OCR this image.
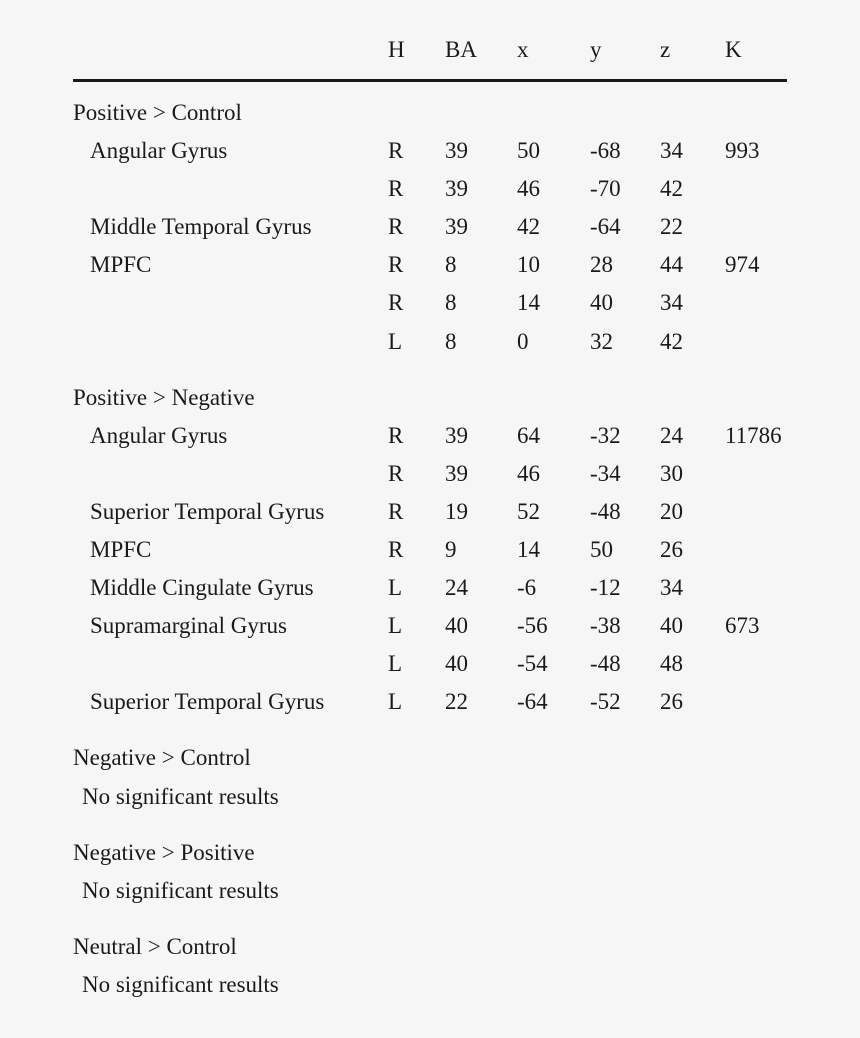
H BA x	y	z K
Positive > Control
Angular Gyrus	R 39 50 -68 34 993
R 39 46 -70 42
Middle Temporal Gyrus	R 39 42 -64 22
MPFC	R 8	10 28 44 974
R 8	14 40 34
L 8	0	32 42
Positive > Negative
Angular Gyrus	R 39 64 -32 24 11786
R 39 46 -34 30
Superior Temporal Gyrus	R 19 52 -48 20
MPFC	R 9	14 50 26
Middle Cingulate Gyrus	L 24 -6 -12 34
Supramarginal Gyrus	L 40 -56 -38 40 673
L 40 -54 -48 48
Superior Temporal Gyrus	L 22 -64 -52 26
Negative > Control
No significant results
Negative > Positive
No significant results
Neutral > Control
No significant results
